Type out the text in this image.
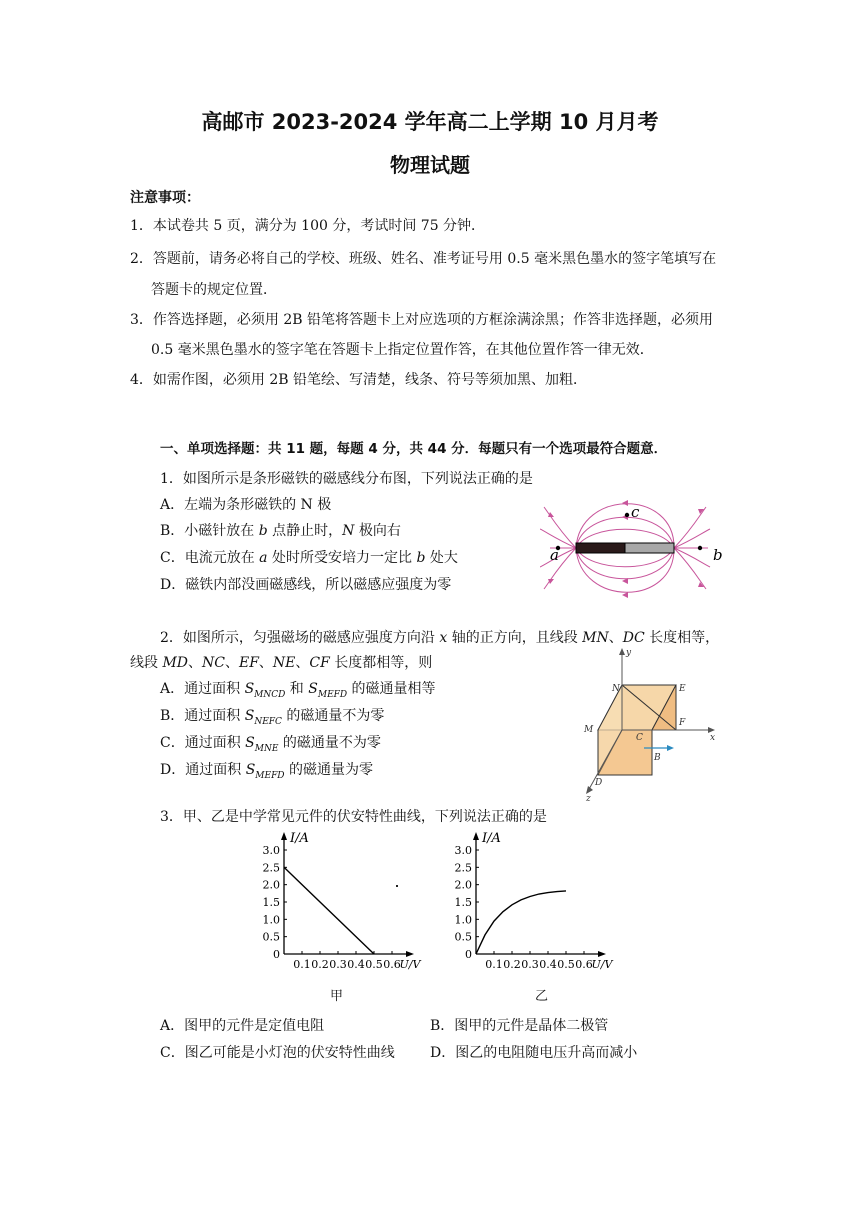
高邮市 2023-2024 学年高二上学期 10 月月考
物理试题
注意事项：
1．本试卷共 5 页，满分为 100 分，考试时间 75 分钟．
2．答题前，请务必将自己的学校、班级、姓名、准考证号用 0.5 毫米黑色墨水的签字笔填写在
答题卡的规定位置．
3．作答选择题，必须用 2B 铅笔将答题卡上对应选项的方框涂满涂黑；作答非选择题，必须用
0.5 毫米黑色墨水的签字笔在答题卡上指定位置作答，在其他位置作答一律无效．
4．如需作图，必须用 2B 铅笔绘、写清楚，线条、符号等须加黑、加粗．
一、单项选择题：共 11 题，每题 4 分，共 44 分．每题只有一个选项最符合题意．
1．如图所示是条形磁铁的磁感线分布图，下列说法正确的是
A．左端为条形磁铁的 N 极
B．小磁针放在 b 点静止时，N 极向右
C．电流元放在 a 处时所受安培力一定比 b 处大
D．磁铁内部没画磁感线，所以磁感应强度为零
a	b
c
2．如图所示，匀强磁场的磁感应强度方向沿 x 轴的正方向，且线段 MN、DC 长度相等，
线段 MD、NC、EF、NE、CF 长度都相等，则
A．通过面积 $S_{MNCD}$ 和 $S_{MEFD}$ 的磁通量相等
B．通过面积 $S_{NEFC}$ 的磁通量不为零
C．通过面积 $S_{MNE}$ 的磁通量不为零
D．通过面积 $S_{MEFD}$ 的磁通量为零
y
x
z
N	E
F
M
C
D
B
3．甲、乙是中学常见元件的伏安特性曲线，下列说法正确的是
0
0.5
1.0
1.5
2.0
2.5
3.0
0.1 0.2 0.3 0.4 0.5 0.6
U/V
I/A
0
0.5
1.0
1.5
2.0
2.5
3.0
0.1 0.2 0.3 0.4 0.5 0.6
U/V
I/A
甲	乙
A．图甲的元件是定值电阻	B．图甲的元件是晶体二极管
C．图乙可能是小灯泡的伏安特性曲线	D．图乙的电阻随电压升高而减小
